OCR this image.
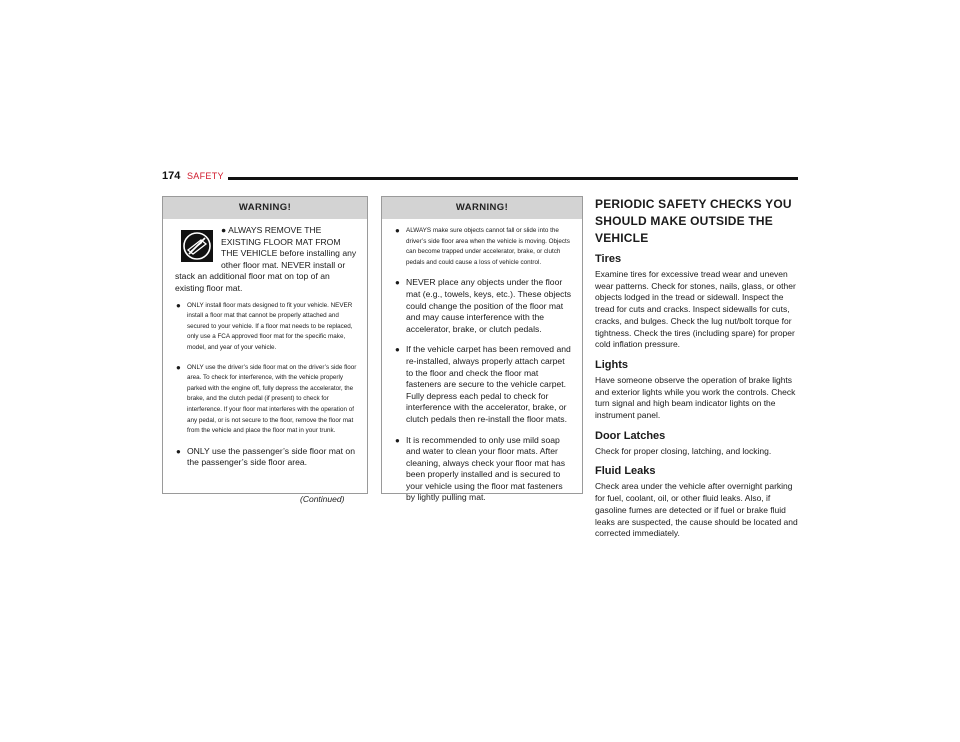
174 SAFETY
WARNING!
● ALWAYS REMOVE THE EXISTING FLOOR MAT FROM THE VEHICLE before installing any other floor mat. NEVER install or stack an additional floor mat on top of an existing floor mat.
● ONLY install floor mats designed to fit your vehicle. NEVER install a floor mat that cannot be properly attached and secured to your vehicle. If a floor mat needs to be replaced, only use a FCA approved floor mat for the specific make, model, and year of your vehicle.
● ONLY use the driver’s side floor mat on the driver’s side floor area. To check for interference, with the vehicle properly parked with the engine off, fully depress the accelerator, the brake, and the clutch pedal (if present) to check for interference. If your floor mat interferes with the operation of any pedal, or is not secure to the floor, remove the floor mat from the vehicle and place the floor mat in your trunk.
● ONLY use the passenger’s side floor mat on the passenger’s side floor area.
(Continued)
WARNING!
● ALWAYS make sure objects cannot fall or slide into the driver’s side floor area when the vehicle is moving. Objects can become trapped under accelerator, brake, or clutch pedals and could cause a loss of vehicle control.
● NEVER place any objects under the floor mat (e.g., towels, keys, etc.). These objects could change the position of the floor mat and may cause interference with the accelerator, brake, or clutch pedals.
● If the vehicle carpet has been removed and re-installed, always properly attach carpet to the floor and check the floor mat fasteners are secure to the vehicle carpet. Fully depress each pedal to check for interference with the accelerator, brake, or clutch pedals then re-install the floor mats.
● It is recommended to only use mild soap and water to clean your floor mats. After cleaning, always check your floor mat has been properly installed and is secured to your vehicle using the floor mat fasteners by lightly pulling mat.
PERIODIC SAFETY CHECKS YOU SHOULD MAKE OUTSIDE THE VEHICLE
Tires

Examine tires for excessive tread wear and uneven wear patterns. Check for stones, nails, glass, or other objects lodged in the tread or sidewall. Inspect the tread for cuts and cracks. Inspect sidewalls for cuts, cracks, and bulges. Check the lug nut/bolt torque for tightness. Check the tires (including spare) for proper cold inflation pressure.

Lights

Have someone observe the operation of brake lights and exterior lights while you work the controls. Check turn signal and high beam indicator lights on the instrument panel.

Door Latches

Check for proper closing, latching, and locking.

Fluid Leaks

Check area under the vehicle after overnight parking for fuel, coolant, oil, or other fluid leaks. Also, if gasoline fumes are detected or if fuel or brake fluid leaks are suspected, the cause should be located and corrected immediately.
